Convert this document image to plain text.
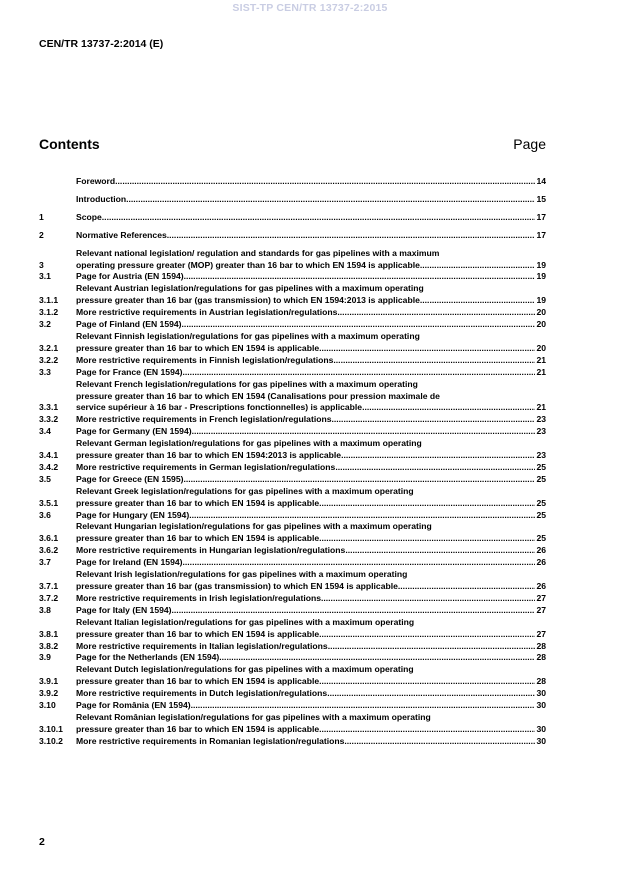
SIST-TP CEN/TR 13737-2:2015
CEN/TR 13737-2:2014 (E)
Contents	Page
Foreword .....	14
Introduction .....	15
1	Scope .....	17
2	Normative References .....	17
3
Relevant national legislation/ regulation and standards for gas pipelines with a maximum
operating pressure greater (MOP) greater than 16 bar to which EN 1594 is applicable .....	19
3.1	Page for Austria (EN 1594) .....	19
3.1.1
Relevant Austrian legislation/regulations for gas pipelines with a maximum operating
pressure greater than 16 bar (gas transmission) to which EN 1594:2013 is applicable .....	19
3.1.2	More restrictive requirements in Austrian legislation/regulations .....	20
3.2	Page of Finland (EN 1594) .....	20
3.2.1
Relevant Finnish legislation/regulations for gas pipelines with a maximum operating
pressure greater than 16 bar to which EN 1594 is applicable .....	20
3.2.2	More restrictive requirements in Finnish legislation/regulations .....	21
3.3	Page for France (EN 1594) .....	21
3.3.1
Relevant French legislation/regulations for gas pipelines with a maximum operating
pressure greater than 16 bar to which EN 1594 (Canalisations pour pression maximale de
service supérieur à 16 bar - Prescriptions fonctionnelles) is applicable .....	21
3.3.2	More restrictive requirements in French legislation/regulations .....	23
3.4	Page for Germany (EN 1594) .....	23
3.4.1
Relevant German legislation/regulations for gas pipelines with a maximum operating
pressure greater than 16 bar to which EN 1594:2013 is applicable .....	23
3.4.2	More restrictive requirements in German legislation/regulations .....	25
3.5	Page for Greece (EN 1595) .....	25
3.5.1
Relevant Greek legislation/regulations for gas pipelines with a maximum operating
pressure greater than 16 bar to which EN 1594 is applicable .....	25
3.6	Page for Hungary (EN 1594) .....	25
3.6.1
Relevant Hungarian legislation/regulations for gas pipelines with a maximum operating
pressure greater than 16 bar to which EN 1594 is applicable .....	25
3.6.2	More restrictive requirements in Hungarian legislation/regulations .....	26
3.7	Page for Ireland (EN 1594) .....	26
3.7.1
Relevant Irish legislation/regulations for gas pipelines with a maximum operating
pressure greater than 16 bar (gas transmission) to which EN 1594 is applicable .....	26
3.7.2	More restrictive requirements in Irish legislation/regulations .....	27
3.8	Page for Italy (EN 1594) .....	27
3.8.1
Relevant Italian legislation/regulations for gas pipelines with a maximum operating
pressure greater than 16 bar to which EN 1594 is applicable .....	27
3.8.2	More restrictive requirements in Italian legislation/regulations .....	28
3.9	Page for the Netherlands (EN 1594) .....	28
3.9.1
Relevant Dutch legislation/regulations for gas pipelines with a maximum operating
pressure greater than 16 bar to which EN 1594 is applicable .....	28
3.9.2	More restrictive requirements in Dutch legislation/regulations .....	30
3.10	Page for România (EN 1594) .....	30
3.10.1
Relevant Românian legislation/regulations for gas pipelines with a maximum operating
pressure greater than 16 bar to which EN 1594 is applicable .....	30
3.10.2	More restrictive requirements in Romanian legislation/regulations .....	30
2
